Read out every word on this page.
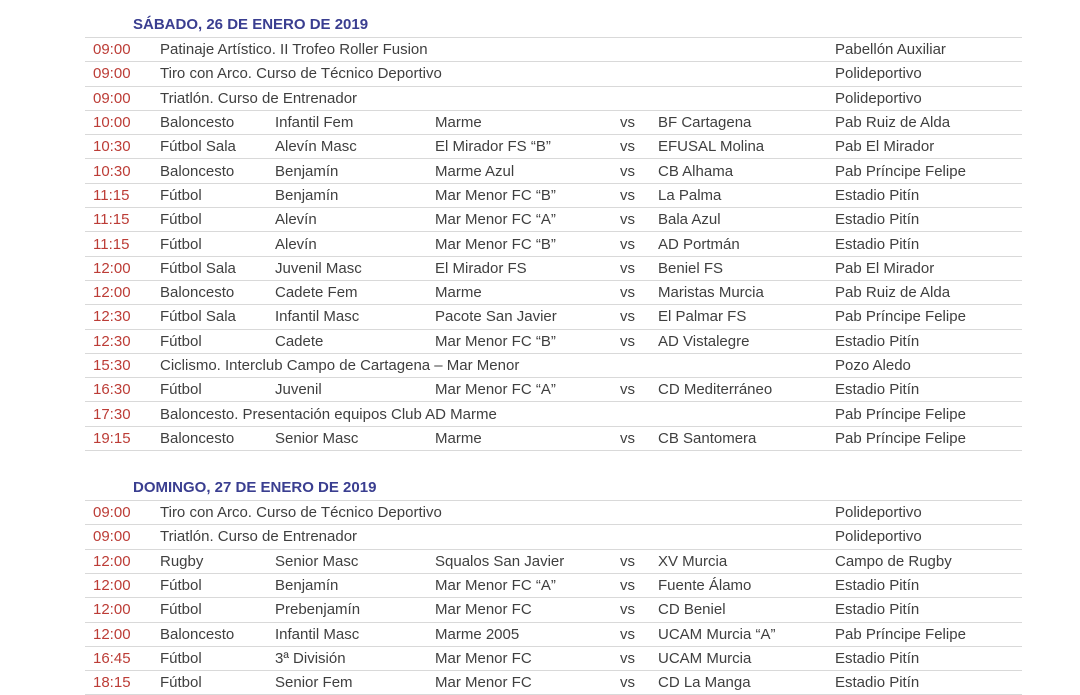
SÁBADO, 26 DE ENERO DE 2019
09:00	Patinaje Artístico. II Trofeo Roller Fusion	Pabellón Auxiliar
09:00	Tiro con Arco. Curso de Técnico Deportivo	Polideportivo
09:00	Triatlón. Curso de Entrenador	Polideportivo
10:00	Baloncesto	Infantil Fem	Marme	vs	BF Cartagena	Pab Ruiz de Alda
10:30	Fútbol Sala	Alevín Masc	El Mirador FS “B”	vs	EFUSAL Molina	Pab El Mirador
10:30	Baloncesto	Benjamín	Marme Azul	vs	CB Alhama	Pab Príncipe Felipe
11:15	Fútbol	Benjamín	Mar Menor FC “B”	vs	La Palma	Estadio Pitín
11:15	Fútbol	Alevín	Mar Menor FC “A”	vs	Bala Azul	Estadio Pitín
11:15	Fútbol	Alevín	Mar Menor FC “B”	vs	AD Portmán	Estadio Pitín
12:00	Fútbol Sala	Juvenil Masc	El Mirador FS	vs	Beniel FS	Pab El Mirador
12:00	Baloncesto	Cadete Fem	Marme	vs	Maristas Murcia	Pab Ruiz de Alda
12:30	Fútbol Sala	Infantil Masc	Pacote San Javier	vs	El Palmar FS	Pab Príncipe Felipe
12:30	Fútbol	Cadete	Mar Menor FC “B”	vs	AD Vistalegre	Estadio Pitín
15:30	Ciclismo. Interclub Campo de Cartagena – Mar Menor	Pozo Aledo
16:30	Fútbol	Juvenil	Mar Menor FC “A”	vs	CD Mediterráneo	Estadio Pitín
17:30	Baloncesto. Presentación equipos Club AD Marme	Pab Príncipe Felipe
19:15	Baloncesto	Senior Masc	Marme	vs	CB Santomera	Pab Príncipe Felipe
DOMINGO, 27 DE ENERO DE 2019
09:00	Tiro con Arco. Curso de Técnico Deportivo	Polideportivo
09:00	Triatlón. Curso de Entrenador	Polideportivo
12:00	Rugby	Senior Masc	Squalos San Javier	vs	XV Murcia	Campo de Rugby
12:00	Fútbol	Benjamín	Mar Menor FC “A”	vs	Fuente Álamo	Estadio Pitín
12:00	Fútbol	Prebenjamín	Mar Menor FC	vs	CD Beniel	Estadio Pitín
12:00	Baloncesto	Infantil Masc	Marme 2005	vs	UCAM Murcia “A”	Pab Príncipe Felipe
16:45	Fútbol	3ª División	Mar Menor FC	vs	UCAM Murcia	Estadio Pitín
18:15	Fútbol	Senior Fem	Mar Menor FC	vs	CD La Manga	Estadio Pitín
